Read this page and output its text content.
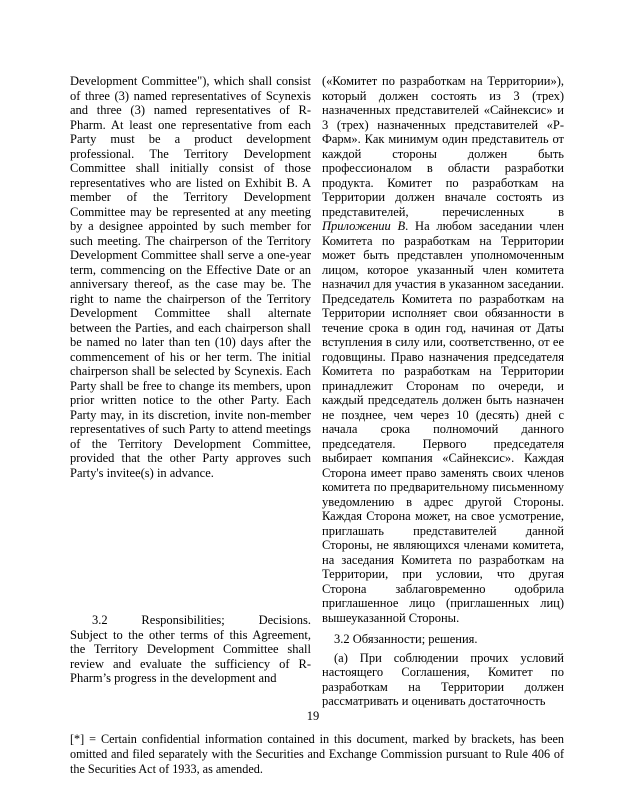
Development Committee"), which shall consist of three (3) named representatives of Scynexis and three (3) named representatives of R-Pharm. At least one representative from each Party must be a product development professional. The Territory Development Committee shall initially consist of those representatives who are listed on Exhibit B. A member of the Territory Development Committee may be represented at any meeting by a designee appointed by such member for such meeting. The chairperson of the Territory Development Committee shall serve a one-year term, commencing on the Effective Date or an anniversary thereof, as the case may be. The right to name the chairperson of the Territory Development Committee shall alternate between the Parties, and each chairperson shall be named no later than ten (10) days after the commencement of his or her term. The initial chairperson shall be selected by Scynexis. Each Party shall be free to change its members, upon prior written notice to the other Party. Each Party may, in its discretion, invite non-member representatives of such Party to attend meetings of the Territory Development Committee, provided that the other Party approves such Party's invitee(s) in advance.

3.2 Responsibilities; Decisions.

Subject to the other terms of this Agreement, the Territory Development Committee shall review and evaluate the sufficiency of R-Pharm’s progress in the development and

(«Комитет по разработкам на Территории»), который должен состоять из 3 (трех) назначенных представителей «Сайнексис» и 3 (трех) назначенных представителей «Р-Фарм». Как минимум один представитель от каждой стороны должен быть профессионалом в области разработки продукта. Комитет по разработкам на Территории должен вначале состоять из представителей, перечисленных в Приложении В. На любом заседании член Комитета по разработкам на Территории может быть представлен уполномоченным лицом, которое указанный член комитета назначил для участия в указанном заседании. Председатель Комитета по разработкам на Территории исполняет свои обязанности в течение срока в один год, начиная от Даты вступления в силу или, соответственно, от ее годовщины. Право назначения председателя Комитета по разработкам на Территории принадлежит Сторонам по очереди, и каждый председатель должен быть назначен не позднее, чем через 10 (десять) дней с начала срока полномочий данного председателя. Первого председателя выбирает компания «Сайнексис». Каждая Сторона имеет право заменять своих членов комитета по предварительному письменному уведомлению в адрес другой Стороны. Каждая Сторона может, на свое усмотрение, приглашать представителей данной Стороны, не являющихся членами комитета, на заседания Комитета по разработкам на Территории, при условии, что другая Сторона заблаговременно одобрила приглашенное лицо (приглашенных лиц) вышеуказанной Стороны.

3.2 Обязанности; решения.

(а) При соблюдении прочих условий настоящего Соглашения, Комитет по разработкам на Территории должен рассматривать и оценивать достаточность

19
[*] = Certain confidential information contained in this document, marked by brackets, has been omitted and filed separately with the Securities and Exchange Commission pursuant to Rule 406 of the Securities Act of 1933, as amended.
